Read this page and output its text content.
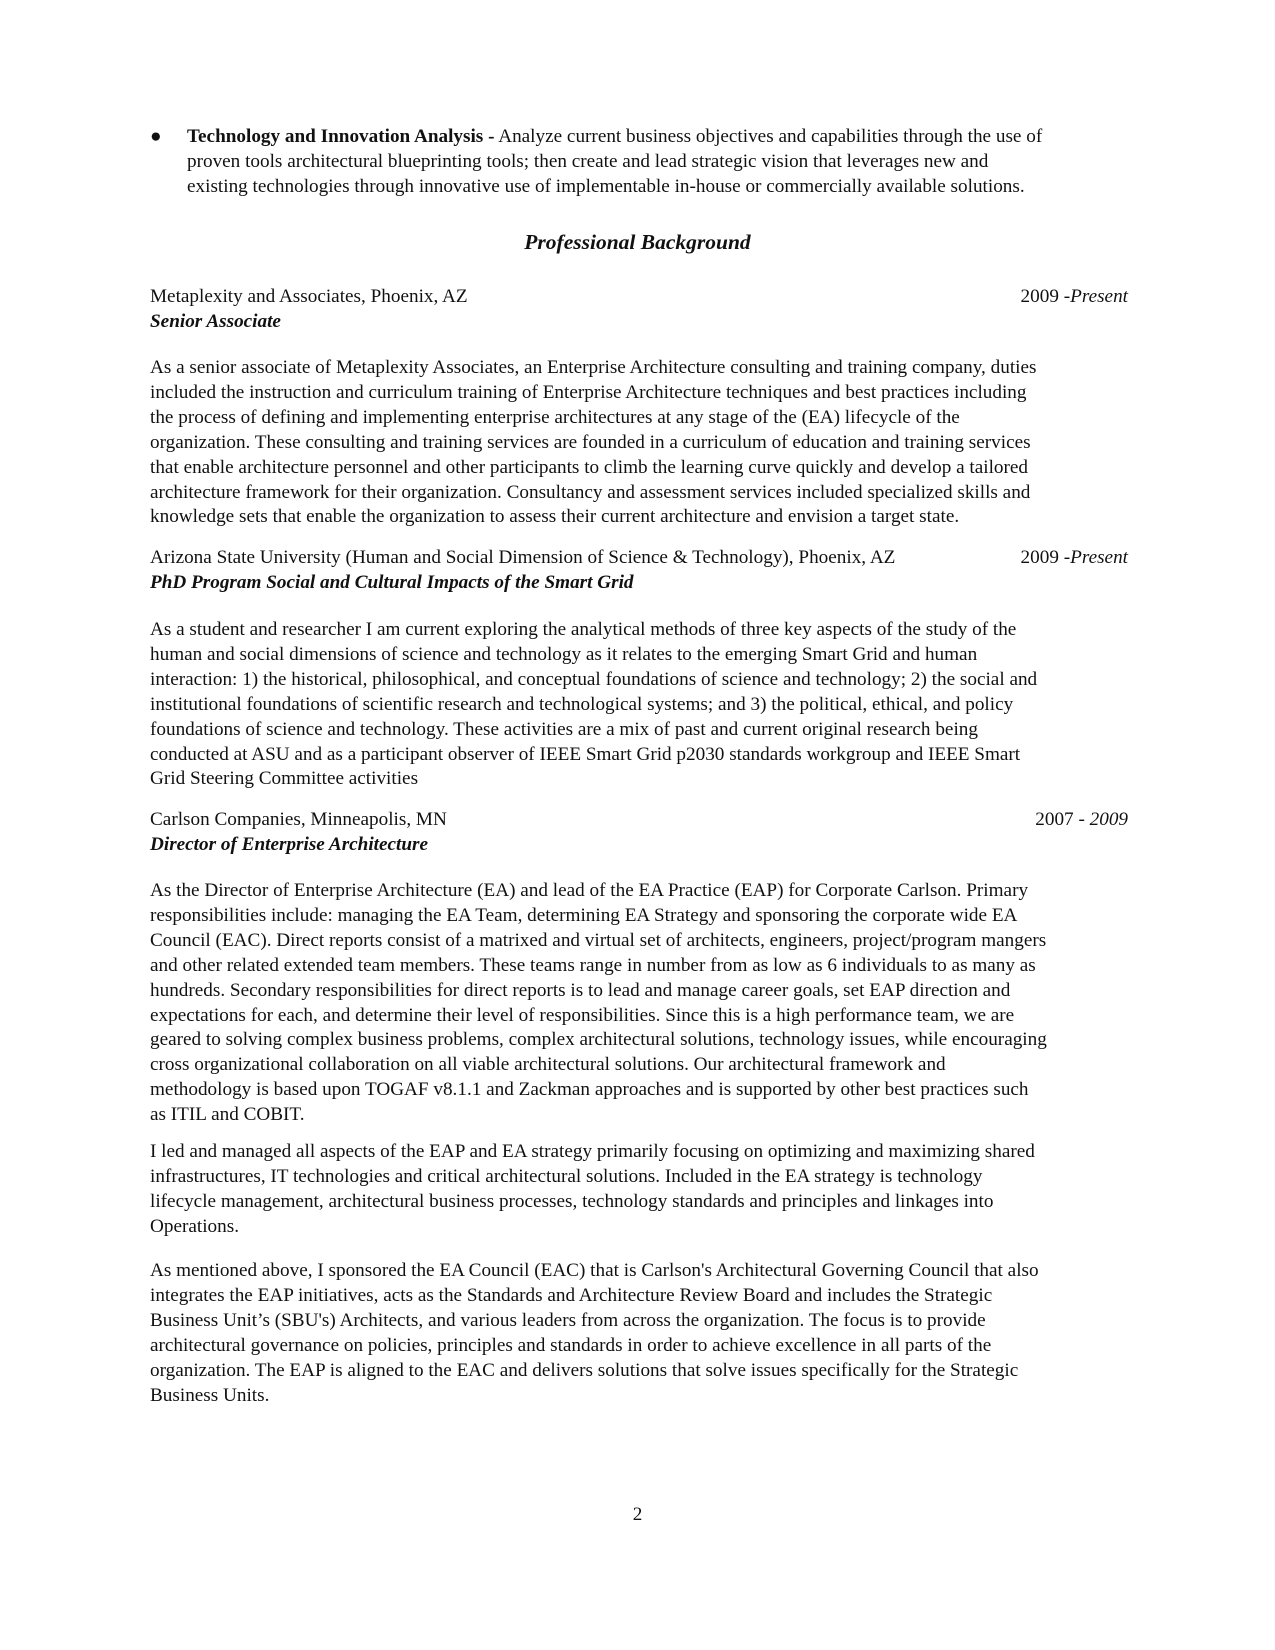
●	Technology and Innovation Analysis - Analyze current business objectives and capabilities through the use of
proven tools architectural blueprinting tools; then create and lead strategic vision that leverages new and
existing technologies through innovative use of implementable in-house or commercially available solutions.
Professional Background
Metaplexity and Associates, Phoenix, AZ	2009 -Present
Senior Associate
As a senior associate of Metaplexity Associates, an Enterprise Architecture consulting and training company, duties
included the instruction and curriculum training of Enterprise Architecture techniques and best practices including
the process of defining and implementing enterprise architectures at any stage of the (EA) lifecycle of the
organization. These consulting and training services are founded in a curriculum of education and training services
that enable architecture personnel and other participants to climb the learning curve quickly and develop a tailored
architecture framework for their organization. Consultancy and assessment services included specialized skills and
knowledge sets that enable the organization to assess their current architecture and envision a target state.
Arizona State University (Human and Social Dimension of Science & Technology), Phoenix, AZ	2009 -Present
PhD Program Social and Cultural Impacts of the Smart Grid
As a student and researcher I am current exploring the analytical methods of three key aspects of the study of the
human and social dimensions of science and technology as it relates to the emerging Smart Grid and human
interaction: 1) the historical, philosophical, and conceptual foundations of science and technology; 2) the social and
institutional foundations of scientific research and technological systems; and 3) the political, ethical, and policy
foundations of science and technology. These activities are a mix of past and current original research being
conducted at ASU and as a participant observer of IEEE Smart Grid p2030 standards workgroup and IEEE Smart
Grid Steering Committee activities
Carlson Companies, Minneapolis, MN	2007 - 2009
Director of Enterprise Architecture
As the Director of Enterprise Architecture (EA) and lead of the EA Practice (EAP) for Corporate Carlson. Primary
responsibilities include: managing the EA Team, determining EA Strategy and sponsoring the corporate wide EA
Council (EAC). Direct reports consist of a matrixed and virtual set of architects, engineers, project/program mangers
and other related extended team members. These teams range in number from as low as 6 individuals to as many as
hundreds. Secondary responsibilities for direct reports is to lead and manage career goals, set EAP direction and
expectations for each, and determine their level of responsibilities. Since this is a high performance team, we are
geared to solving complex business problems, complex architectural solutions, technology issues, while encouraging
cross organizational collaboration on all viable architectural solutions. Our architectural framework and
methodology is based upon TOGAF v8.1.1 and Zackman approaches and is supported by other best practices such
as ITIL and COBIT.
I led and managed all aspects of the EAP and EA strategy primarily focusing on optimizing and maximizing shared
infrastructures, IT technologies and critical architectural solutions. Included in the EA strategy is technology
lifecycle management, architectural business processes, technology standards and principles and linkages into
Operations.
As mentioned above, I sponsored the EA Council (EAC) that is Carlson's Architectural Governing Council that also
integrates the EAP initiatives, acts as the Standards and Architecture Review Board and includes the Strategic
Business Unit’s (SBU's) Architects, and various leaders from across the organization. The focus is to provide
architectural governance on policies, principles and standards in order to achieve excellence in all parts of the
organization. The EAP is aligned to the EAC and delivers solutions that solve issues specifically for the Strategic
Business Units.
2
